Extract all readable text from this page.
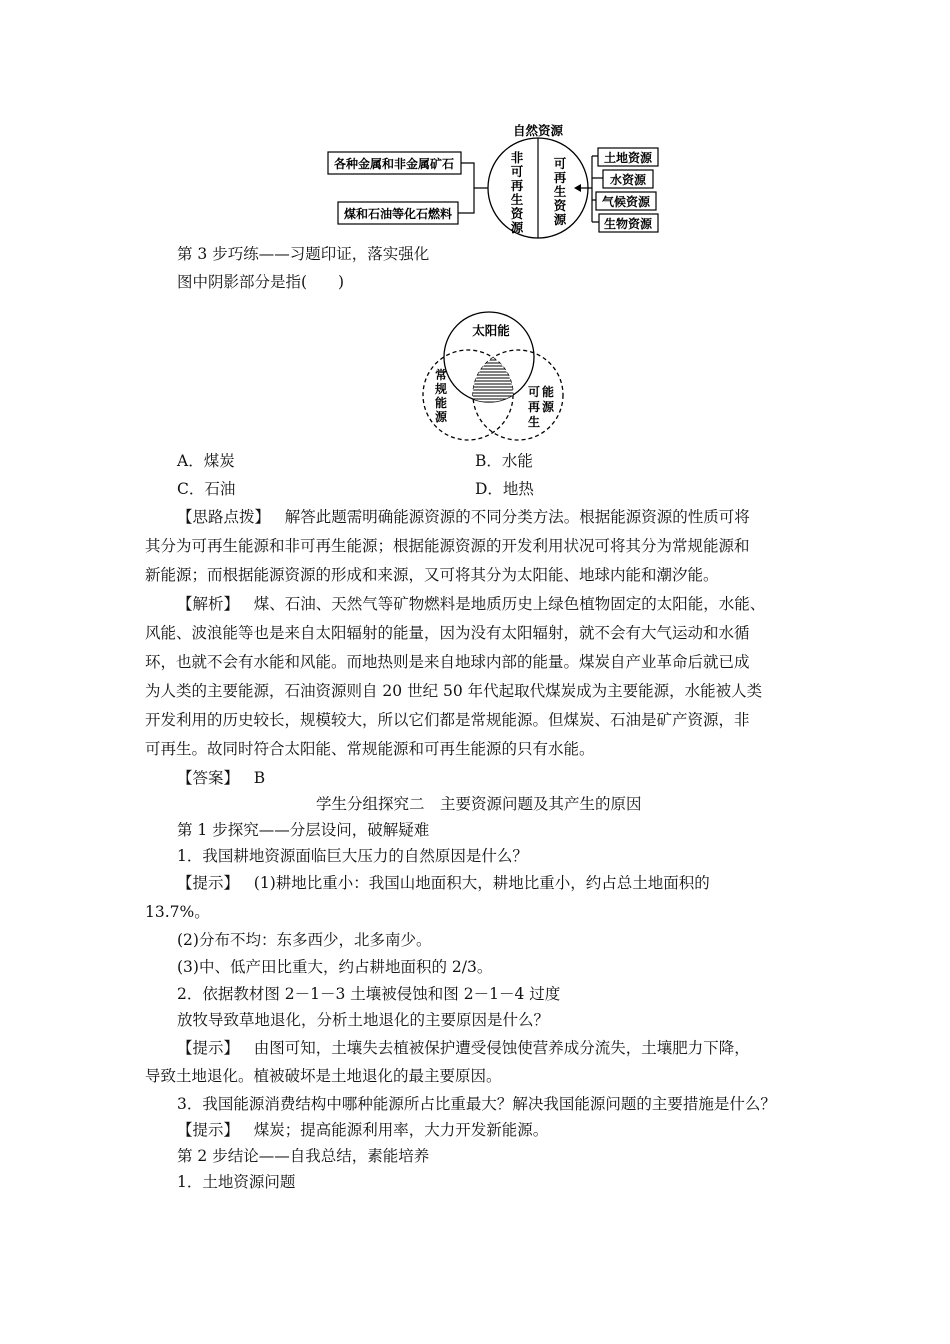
自然资源
各种金属和非金属矿石
煤和石油等化石燃料
非
可
再
生
资
源
可
再
生
资
源
土地资源
水资源
气候资源
生物资源
第 3 步巧练——习题印证，落实强化
图中阴影部分是指(　　)
太阳能
常
规
能
源
可
再
生
能
源
A．煤炭	B．水能
C．石油	D．地热
【思路点拨】 解答此题需明确能源资源的不同分类方法。根据能源资源的性质可将
其分为可再生能源和非可再生能源；根据能源资源的开发利用状况可将其分为常规能源和
新能源；而根据能源资源的形成和来源，又可将其分为太阳能、地球内能和潮汐能。
【解析】 煤、石油、天然气等矿物燃料是地质历史上绿色植物固定的太阳能，水能、
风能、波浪能等也是来自太阳辐射的能量，因为没有太阳辐射，就不会有大气运动和水循
环，也就不会有水能和风能。而地热则是来自地球内部的能量。煤炭自产业革命后就已成
为人类的主要能源，石油资源则自 20 世纪 50 年代起取代煤炭成为主要能源，水能被人类
开发利用的历史较长，规模较大，所以它们都是常规能源。但煤炭、石油是矿产资源，非
可再生。故同时符合太阳能、常规能源和可再生能源的只有水能。
【答案】 B
学生分组探究二　主要资源问题及其产生的原因
第 1 步探究——分层设问，破解疑难
1．我国耕地资源面临巨大压力的自然原因是什么？
【提示】 (1)耕地比重小：我国山地面积大，耕地比重小，约占总土地面积的
13.7%。
(2)分布不均：东多西少，北多南少。
(3)中、低产田比重大，约占耕地面积的 2/3。
2．依据教材图 2－1－3 土壤被侵蚀和图 2－1－4 过度
放牧导致草地退化，分析土地退化的主要原因是什么？
【提示】 由图可知，土壤失去植被保护遭受侵蚀使营养成分流失，土壤肥力下降，
导致土地退化。植被破坏是土地退化的最主要原因。
3．我国能源消费结构中哪种能源所占比重最大？解决我国能源问题的主要措施是什么？
【提示】 煤炭；提高能源利用率，大力开发新能源。
第 2 步结论——自我总结，素能培养
1．土地资源问题
